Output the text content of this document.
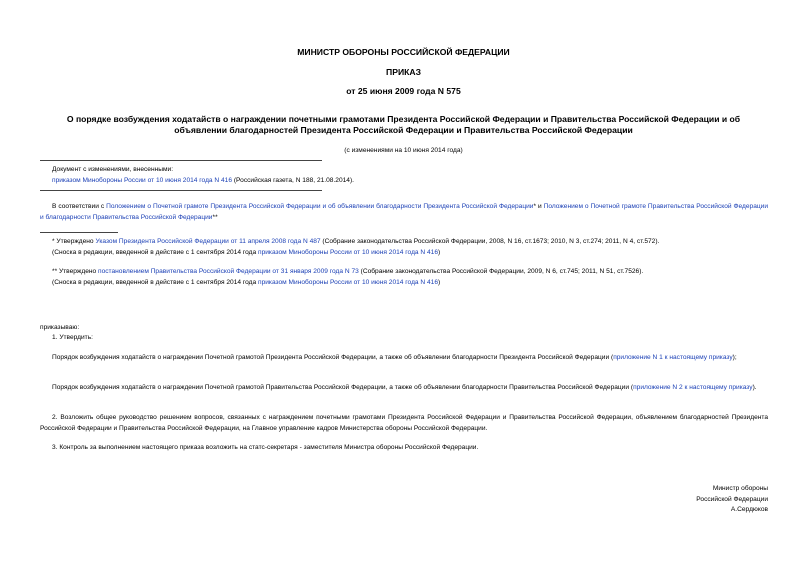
МИНИСТР ОБОРОНЫ РОССИЙСКОЙ ФЕДЕРАЦИИ
ПРИКАЗ
от 25 июня 2009 года N 575
О порядке возбуждения ходатайств о награждении почетными грамотами Президента Российской Федерации и Правительства Российской Федерации и об
объявлении благодарностей Президента Российской Федерации и Правительства Российской Федерации
(с изменениями на 10 июня 2014 года)
Документ с изменениями, внесенными:
приказом Минобороны России от 10 июня 2014 года N 416 (Российская газета, N 188, 21.08.2014).
В соответствии с Положением о Почетной грамоте Президента Российской Федерации и об объявлении благодарности Президента Российской Федерации* и Положением о Почетной грамоте Правительства Российской Федерации и благодарности Правительства Российской Федерации**
* Утверждено Указом Президента Российской Федерации от 11 апреля 2008 года N 487 (Собрание законодательства Российской Федерации, 2008, N 16, ст.1673; 2010, N 3, ст.274; 2011, N 4, ст.572).
(Сноска в редакции, введенной в действие с 1 сентября 2014 года приказом Минобороны России от 10 июня 2014 года N 416)
** Утверждено постановлением Правительства Российской Федерации от 31 января 2009 года N 73 (Собрание законодательства Российской Федерации, 2009, N 6, ст.745; 2011, N 51, ст.7526).
(Сноска в редакции, введенной в действие с 1 сентября 2014 года приказом Минобороны России от 10 июня 2014 года N 416)
приказываю:
1. Утвердить:
Порядок возбуждения ходатайств о награждении Почетной грамотой Президента Российской Федерации, а также об объявлении благодарности Президента Российской Федерации (приложение N 1 к настоящему приказу);
Порядок возбуждения ходатайств о награждении Почетной грамотой Правительства Российской Федерации, а также об объявлении благодарности Правительства Российской Федерации (приложение N 2 к настоящему приказу).
2. Возложить общее руководство решением вопросов, связанных с награждением почетными грамотами Президента Российской Федерации и Правительства Российской Федерации, объявлением благодарностей Президента Российской Федерации и Правительства Российской Федерации, на Главное управление кадров Министерства обороны Российской Федерации.
3. Контроль за выполнением настоящего приказа возложить на статс-секретаря - заместителя Министра обороны Российской Федерации.
Министр обороны
Российской Федерации
А.Сердюков
